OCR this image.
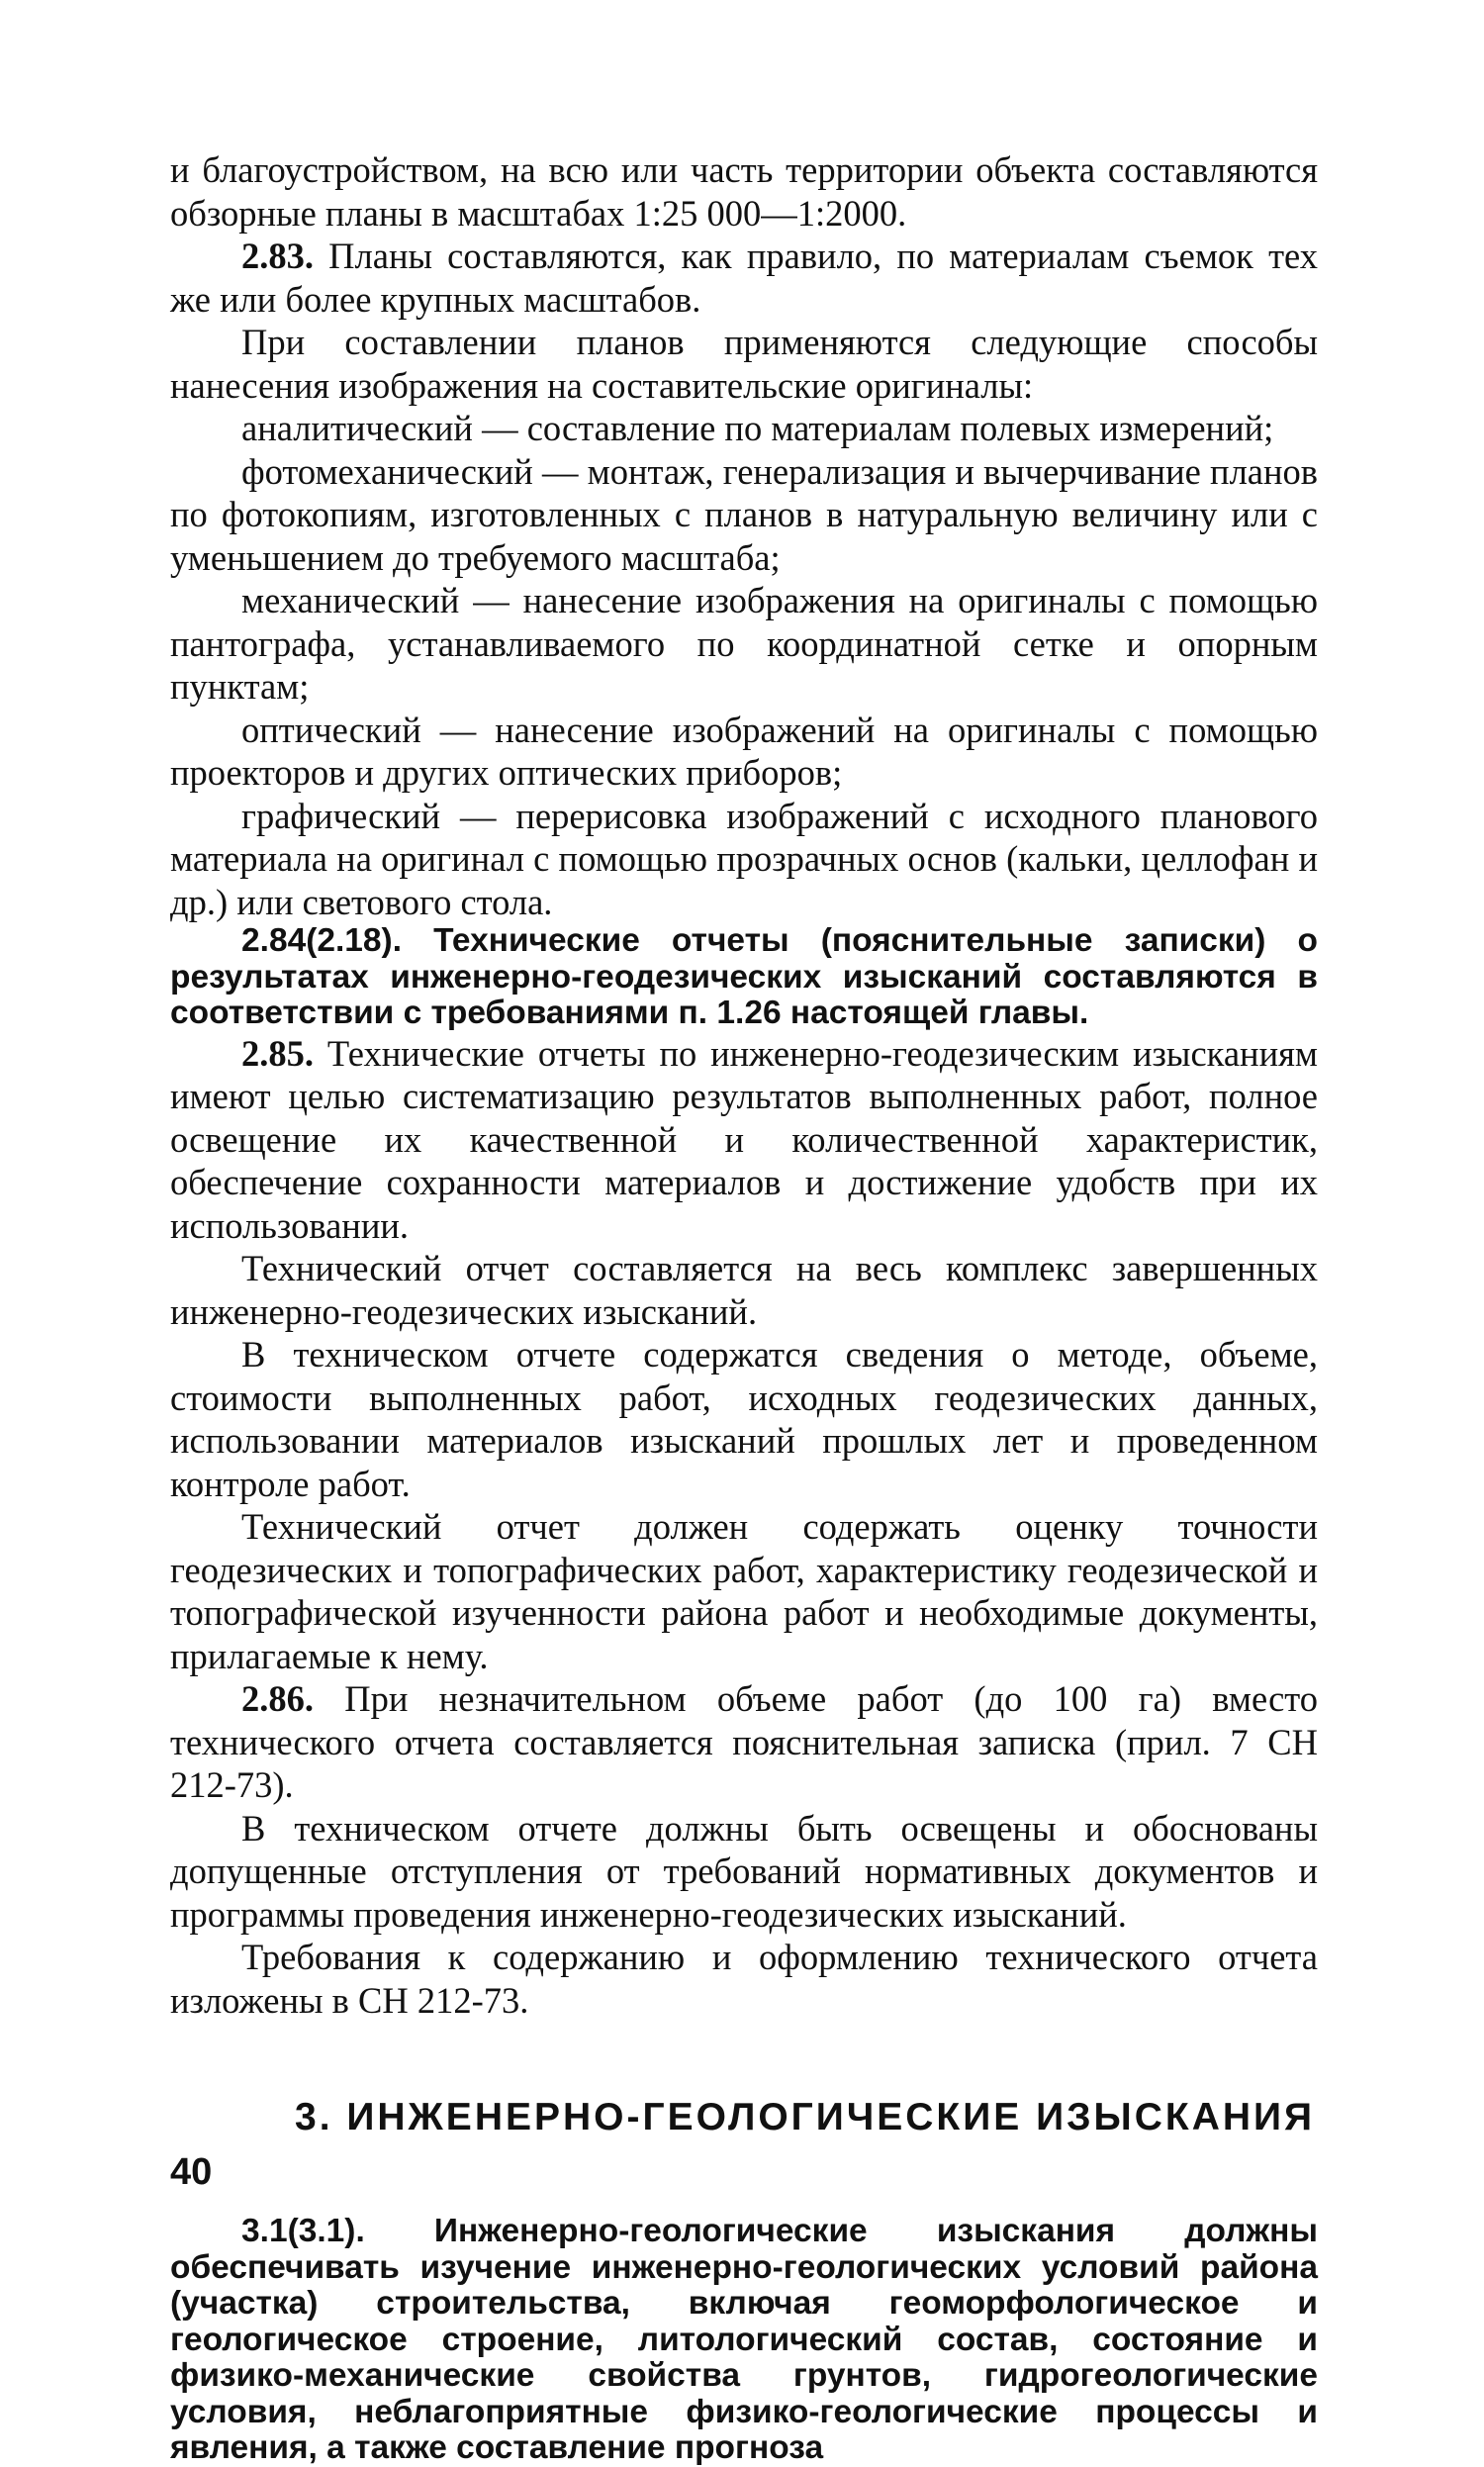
и благоустройством, на всю или часть территории объекта составляются обзорные планы в масштабах 1:25 000—1:2000.

2.83. Планы составляются, как правило, по материалам съемок тех же или более крупных масштабов.

При составлении планов применяются следующие способы нанесения изображения на составительские оригиналы:

аналитический — составление по материалам полевых измерений;

фотомеханический — монтаж, генерализация и вычерчивание планов по фотокопиям, изготовленных с планов в натуральную величину или с уменьшением до требуемого масштаба;

механический — нанесение изображения на оригиналы с помощью пантографа, устанавливаемого по координатной сетке и опорным пунктам;

оптический — нанесение изображений на оригиналы с помощью проекторов и других оптических приборов;

графический — перерисовка изображений с исходного планового материала на оригинал с помощью прозрачных основ (кальки, целлофан и др.) или светового стола.

2.84(2.18). Технические отчеты (пояснительные записки) о результатах инженерно-геодезических изысканий составляются в соответствии с требованиями п. 1.26 настоящей главы.

2.85. Технические отчеты по инженерно-геодезическим изысканиям имеют целью систематизацию результатов выполненных работ, полное освещение их качественной и количественной характеристик, обеспечение сохранности материалов и достижение удобств при их использовании.

Технический отчет составляется на весь комплекс завершенных инженерно-геодезических изысканий.

В техническом отчете содержатся сведения о методе, объеме, стоимости выполненных работ, исходных геодезических данных, использовании материалов изысканий прошлых лет и проведенном контроле работ.

Технический отчет должен содержать оценку точности геодезических и топографических работ, характеристику геодезической и топографической изученности района работ и необходимые документы, прилагаемые к нему.

2.86. При незначительном объеме работ (до 100 га) вместо технического отчета составляется пояснительная записка (прил. 7 СН 212-73).

В техническом отчете должны быть освещены и обоснованы допущенные отступления от требований нормативных документов и программы проведения инженерно-геодезических изысканий.

Требования к содержанию и оформлению технического отчета изложены в СН 212-73.

3. ИНЖЕНЕРНО-ГЕОЛОГИЧЕСКИЕ ИЗЫСКАНИЯ

3.1(3.1). Инженерно-геологические изыскания должны обеспечивать изучение инженерно-геологических условий района (участка) строительства, включая геоморфологическое и геологическое строение, литологический состав, состояние и физико-механические свойства грунтов, гидрогеологические условия, неблагоприятные физико-геологические процессы и явления, а также составление прогноза

40
